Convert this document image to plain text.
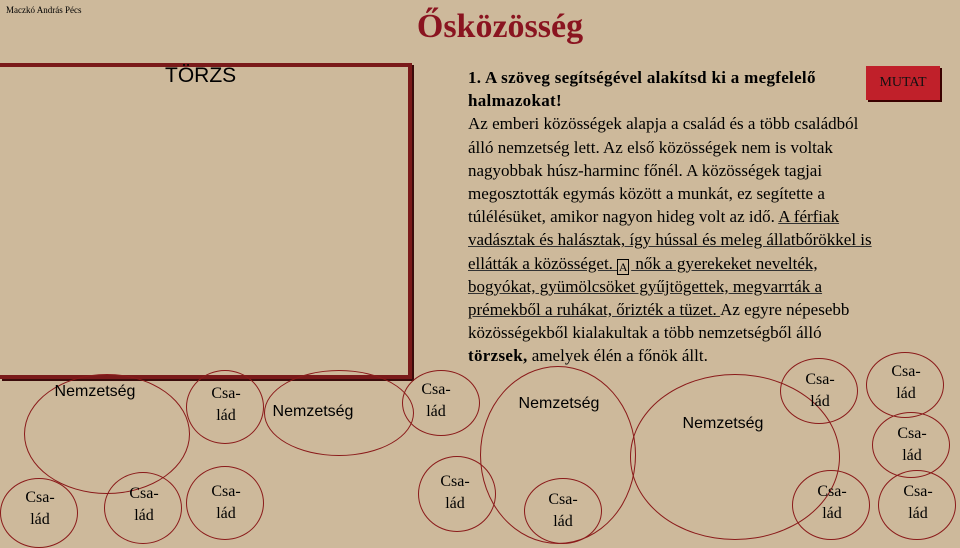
Maczkó András Pécs	Ősközösség
TÖRZS	MUTAT

1. A szöveg segítségével alakítsd ki a megfelelő

halmazokat!

Az emberi közösségek alapja a család és a több családból

álló nemzetség lett. Az első közösségek nem is voltak

nagyobbak húsz-harminc főnél. A közösségek tagjai

megosztották egymás között a munkát, ez segítette a

túlélésüket, amikor nagyon hideg volt az idő. A férfiak

vadásztak és halásztak, így hússal és meleg állatbőrökkel is

ellátták a közösséget. A nők a gyerekeket nevelték,

bogyókat, gyümölcsöket gyűjtögettek, megvarrták a

prémekből a ruhákat, őrizték a tüzet. Az egyre népesebb

közösségekből kialakultak a több nemzetségből álló

törzsek, amelyek élén a főnök állt.

Nemzetség
Csa-
lád
Csa-
lád
Csa-
lád
Csa-
lád
Nemzetség
Csa-
lád
Csa-
lád
Nemzetség
Csa-
lád
Nemzetség
Csa-
lád
Csa-
lád
Csa-
lád
Csa-
lád
Csa-
lád
